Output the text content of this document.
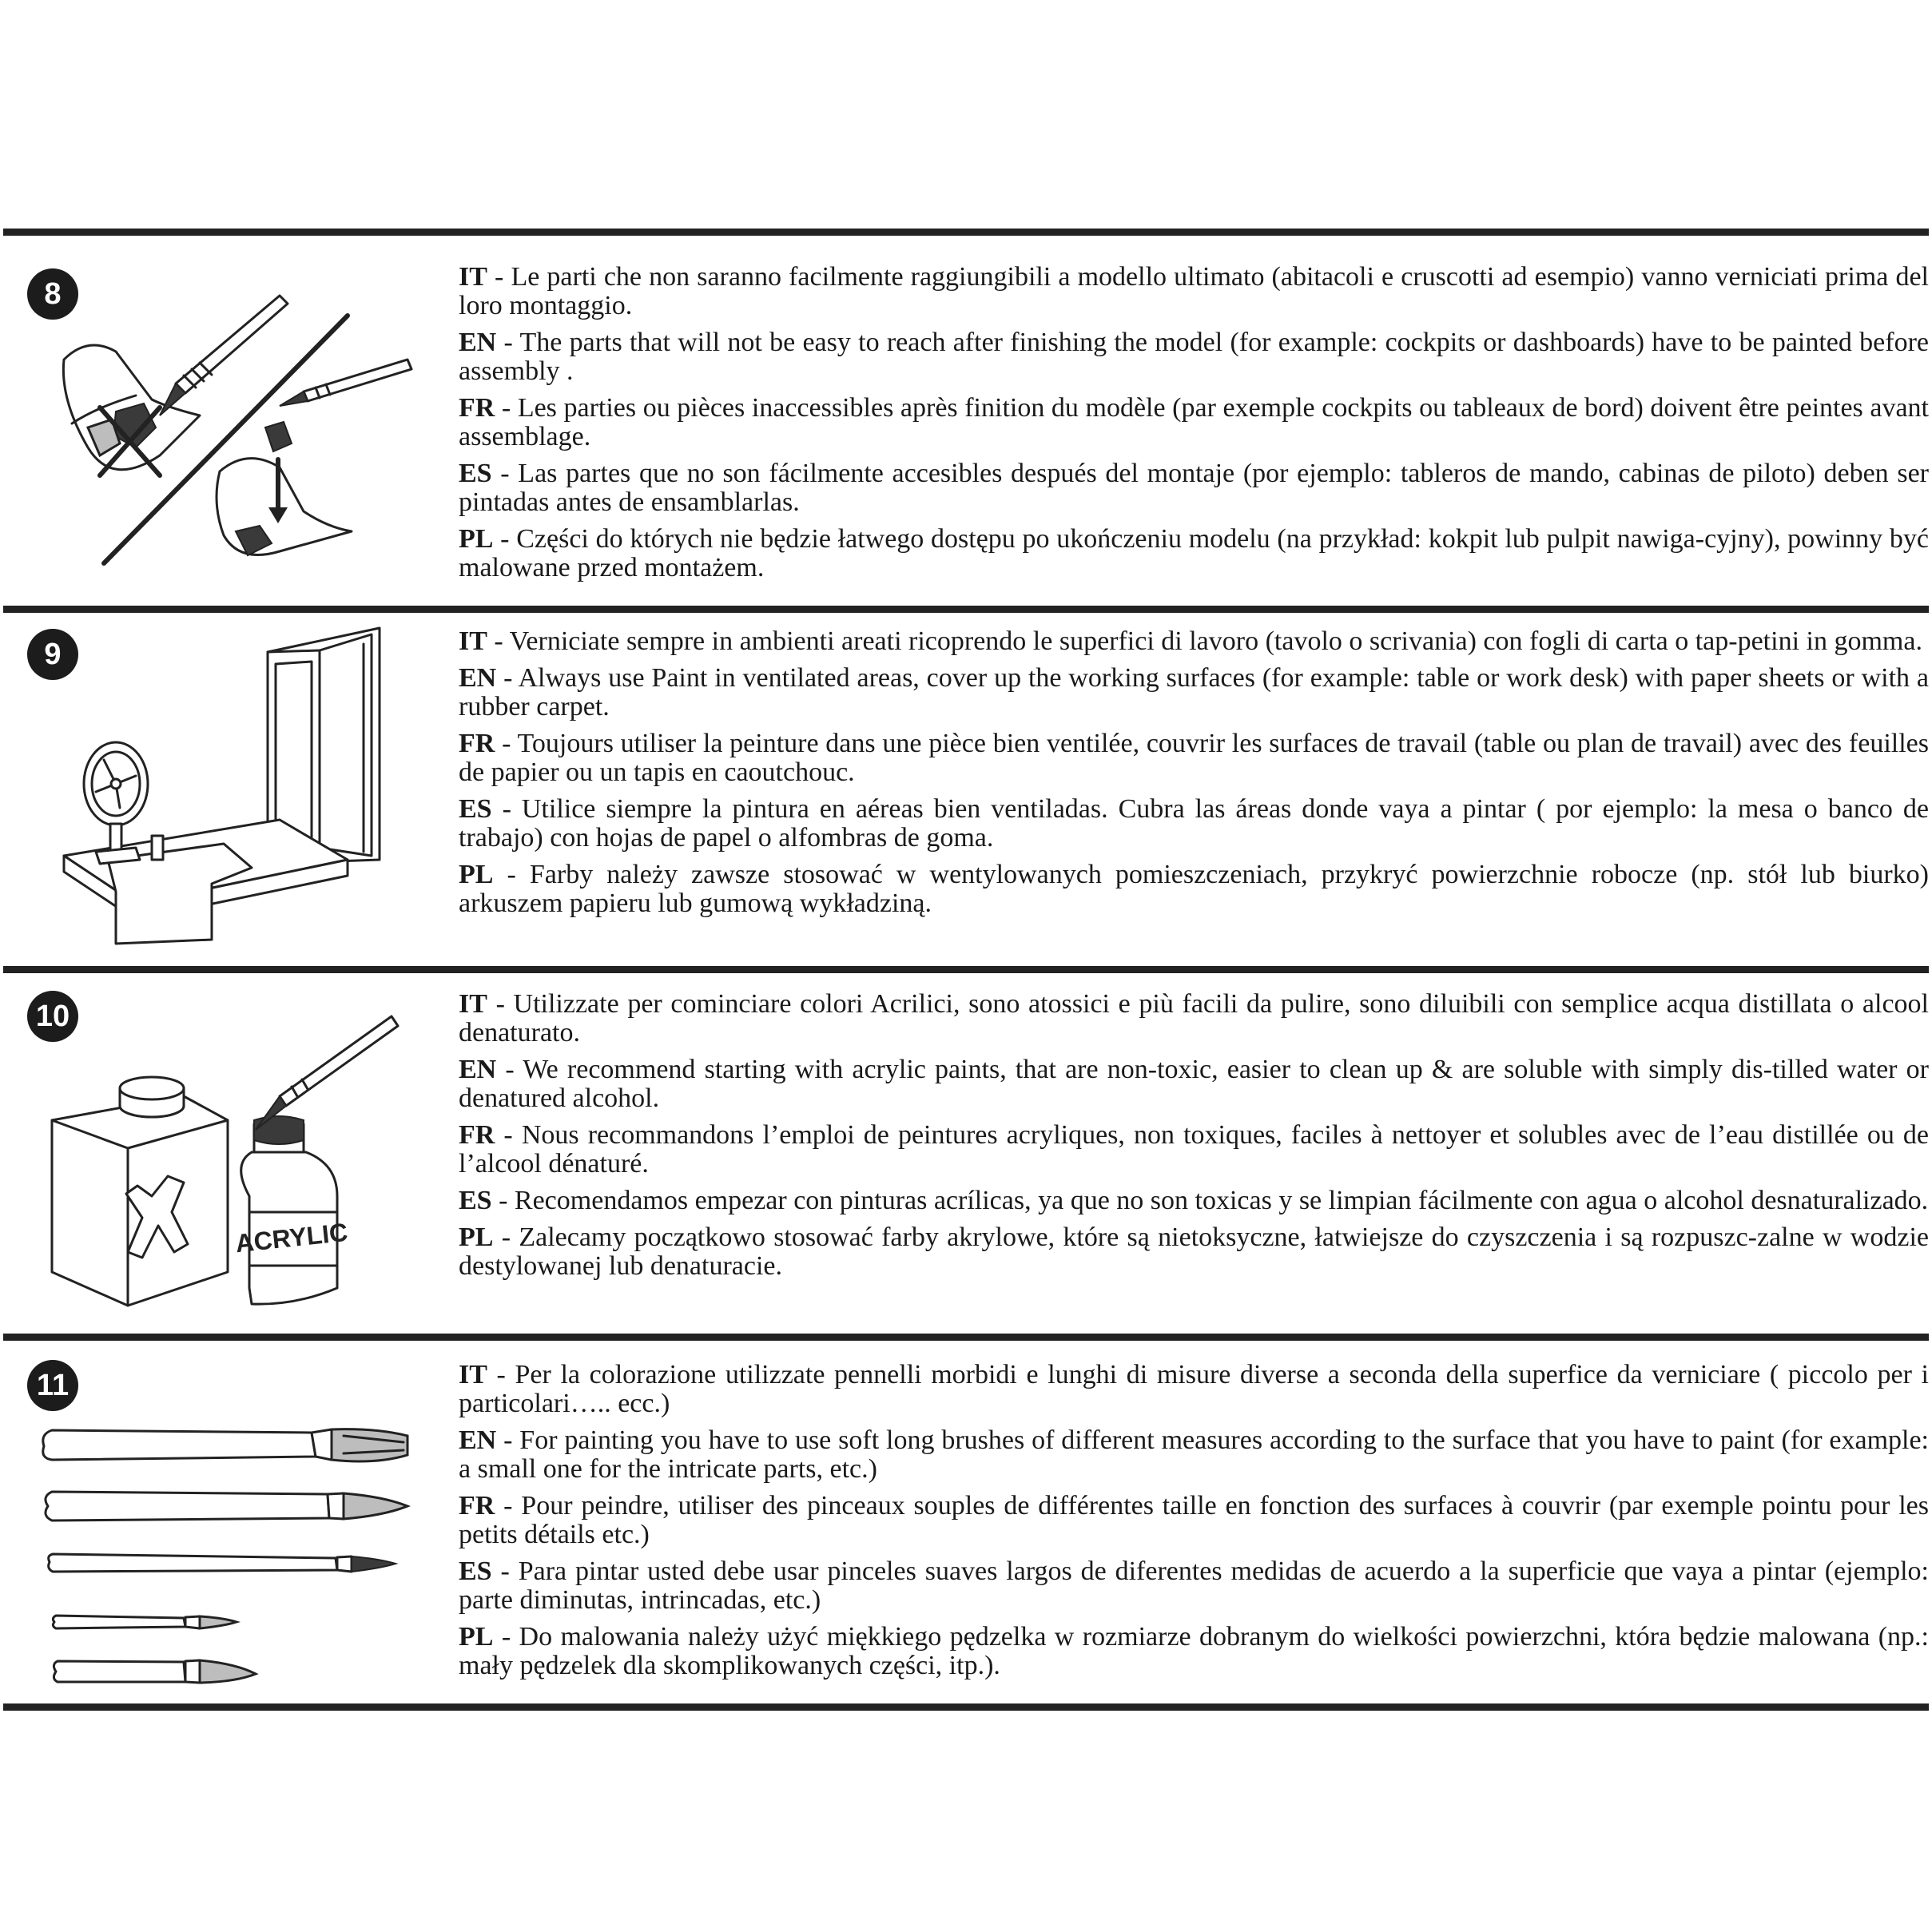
8

IT - Le parti che non saranno facilmente raggiungibili a modello ultimato (abitacoli e cruscotti ad esempio) vanno verniciati prima del loro montaggio.

EN - The parts that will not be easy to reach after finishing the model (for example: cockpits or dashboards) have to be painted before assembly .

FR - Les parties ou pièces inaccessibles après finition du modèle (par exemple cockpits ou tableaux de bord) doivent être peintes avant assemblage.

ES - Las partes que no son fácilmente accesibles después del montaje (por ejemplo: tableros de mando, cabinas de piloto) deben ser pintadas antes de ensamblarlas.

PL - Części do których nie będzie łatwego dostępu po ukończeniu modelu (na przykład: kokpit lub pulpit nawiga-cyjny), powinny być malowane przed montażem.

9	IT - Verniciate sempre in ambienti areati ricoprendo le superfici di lavoro (tavolo o scrivania) con fogli di carta o tap-petini in gomma.

EN - Always use Paint in ventilated areas, cover up the working surfaces (for example: table or work desk) with paper sheets or with a rubber carpet.

FR - Toujours utiliser la peinture dans une pièce bien ventilée, couvrir les surfaces de travail (table ou plan de travail) avec des feuilles de papier ou un tapis en caoutchouc.

ES - Utilice siempre la pintura en aéreas bien ventiladas. Cubra las áreas donde vaya a pintar ( por ejemplo: la mesa o banco de trabajo) con hojas de papel o alfombras de goma.

PL - Farby należy zawsze stosować w wentylowanych pomieszczeniach, przykryć powierzchnie robocze (np. stół lub biurko) arkuszem papieru lub gumową wykładziną.

10
ACRYLIC

IT - Utilizzate per cominciare colori Acrilici, sono atossici e più facili da pulire, sono diluibili con semplice acqua distillata o alcool denaturato.

EN - We recommend starting with acrylic paints, that are non-toxic, easier to clean up & are soluble with simply dis-tilled water or denatured alcohol.

FR - Nous recommandons l’emploi de peintures acryliques, non toxiques, faciles à nettoyer et solubles avec de l’eau distillée ou de l’alcool dénaturé.

ES - Recomendamos empezar con pinturas acrílicas, ya que no son toxicas y se limpian fácilmente con agua o alcohol desnaturalizado.

PL - Zalecamy początkowo stosować farby akrylowe, które są nietoksyczne, łatwiejsze do czyszczenia i są rozpuszc-zalne w wodzie destylowanej lub denaturacie.

11	IT - Per la colorazione utilizzate pennelli morbidi e lunghi di misure diverse a seconda della superfice da verniciare ( piccolo per i particolari….. ecc.)

EN - For painting you have to use soft long brushes of different measures according to the surface that you have to paint (for example: a small one for the intricate parts, etc.)

FR - Pour peindre, utiliser des pinceaux souples de différentes taille en fonction des surfaces à couvrir (par exemple pointu pour les petits détails etc.)

ES - Para pintar usted debe usar pinceles suaves largos de diferentes medidas de acuerdo a la superficie que vaya a pintar (ejemplo: parte diminutas, intrincadas, etc.)

PL - Do malowania należy użyć miękkiego pędzelka w rozmiarze dobranym do wielkości powierzchni, która będzie malowana (np.: mały pędzelek dla skomplikowanych części, itp.).
